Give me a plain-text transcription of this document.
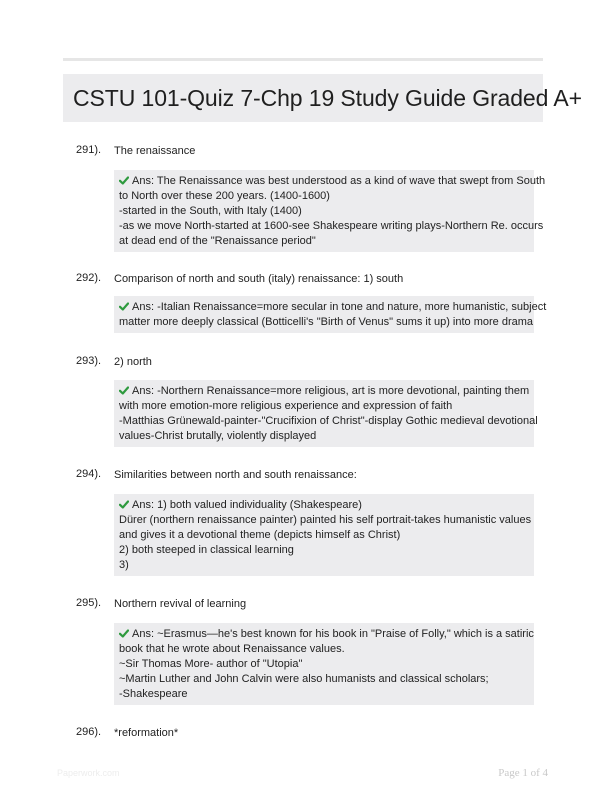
CSTU 101-Quiz 7-Chp 19 Study Guide Graded A+
291). The renaissance
Ans: The Renaissance was best understood as a kind of wave that swept from South
to North over these 200 years. (1400-1600)
-started in the South, with Italy (1400)
-as we move North-started at 1600-see Shakespeare writing plays-Northern Re. occurs
at dead end of the "Renaissance period"
292). Comparison of north and south (italy) renaissance: 1) south
Ans: -Italian Renaissance=more secular in tone and nature, more humanistic, subject
matter more deeply classical (Botticelli's "Birth of Venus" sums it up) into more drama
293). 2) north
Ans: -Northern Renaissance=more religious, art is more devotional, painting them
with more emotion-more religious experience and expression of faith
-Matthias Grünewald-painter-"Crucifixion of Christ"-display Gothic medieval devotional
values-Christ brutally, violently displayed
294). Similarities between north and south renaissance:
Ans: 1) both valued individuality (Shakespeare)
Dürer (northern renaissance painter) painted his self portrait-takes humanistic values
and gives it a devotional theme (depicts himself as Christ)
2) both steeped in classical learning
3)
295). Northern revival of learning
Ans: ~Erasmus—he's best known for his book in "Praise of Folly," which is a satiric
book that he wrote about Renaissance values.
~Sir Thomas More- author of "Utopia"
~Martin Luther and John Calvin were also humanists and classical scholars;
-Shakespeare
296). *reformation*
Paperwork.com	Page 1 of 4
